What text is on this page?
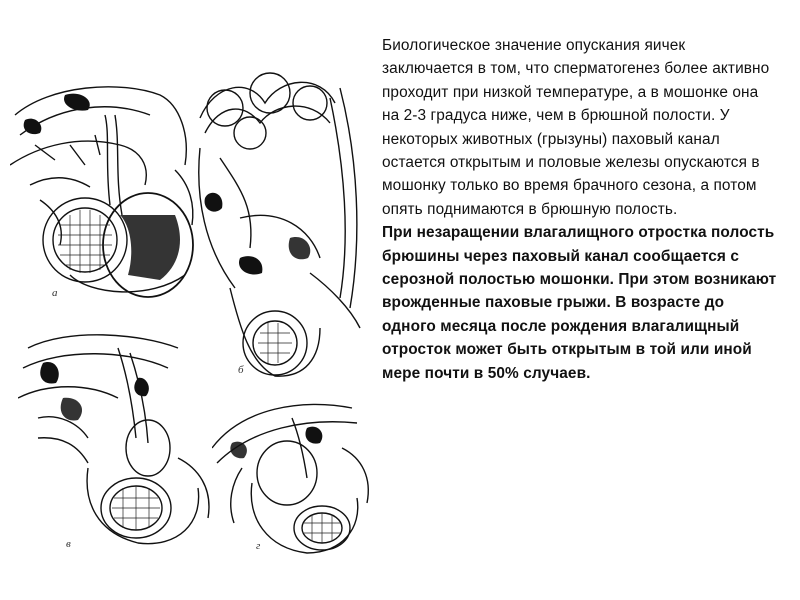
а
б
в	г

Биологическое значение опускания яичек заключается в том, что сперматогенез более активно проходит при низкой температуре, а в мошонке она на 2-3 градуса ниже, чем в брюшной полости. У некоторых животных (грызуны) паховый канал остается открытым и половые железы опускаются в мошонку только во время брачного сезона, а потом опять поднимаются в брюшную полость.

При незаращении влагалищного отростка полость брюшины через паховый канал сообщается с серозной полостью мошонки. При этом возникают врожденные паховые грыжи. В возрасте до одного месяца после рождения влагалищный отросток может быть открытым в той или иной мере почти в 50% случаев.
